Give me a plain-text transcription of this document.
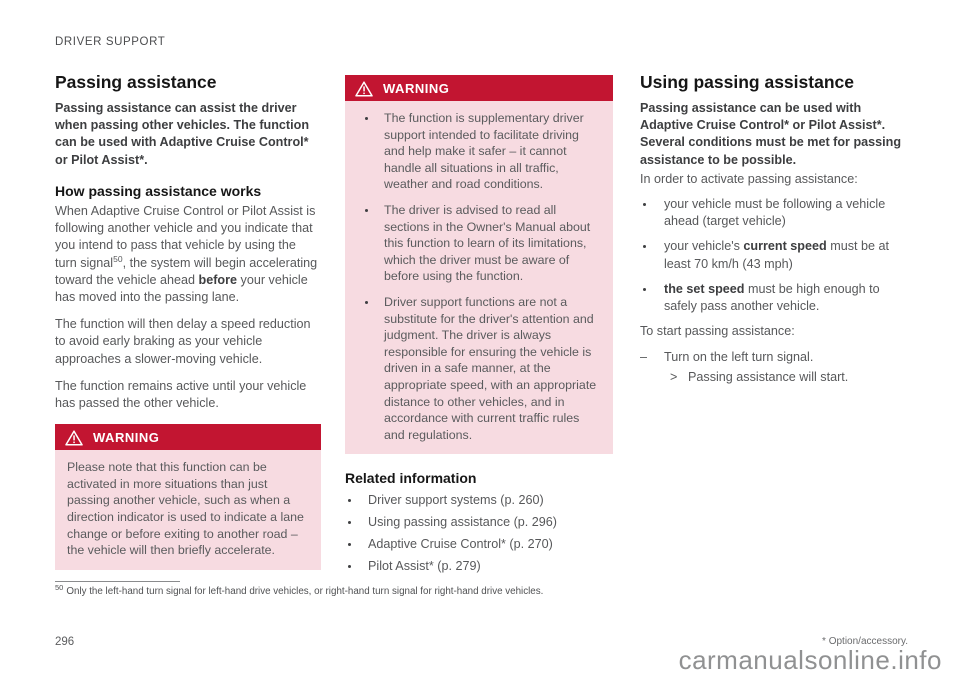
DRIVER SUPPORT
Passing assistance

Passing assistance can assist the driver when passing other vehicles. The function can be used with Adaptive Cruise Control* or Pilot Assist*.

How passing assistance works

When Adaptive Cruise Control or Pilot Assist is following another vehicle and you indicate that you intend to pass that vehicle by using the turn signal$^{50}$, the system will begin accelerating toward the vehicle ahead before your vehicle has moved into the passing lane.

The function will then delay a speed reduction to avoid early braking as your vehicle approaches a slower-moving vehicle.

The function remains active until your vehicle has passed the other vehicle.

WARNING
Please note that this function can be activated in more situations than just passing another vehicle, such as when a direction indicator is used to indicate a lane change or before exiting to another road – the vehicle will then briefly accelerate.
WARNING
• The function is supplementary driver support intended to facilitate driving and help make it safer – it cannot handle all situations in all traffic, weather and road conditions.
• The driver is advised to read all sections in the Owner's Manual about this function to learn of its limitations, which the driver must be aware of before using the function.
• Driver support functions are not a substitute for the driver's attention and judgment. The driver is always responsible for ensuring the vehicle is driven in a safe manner, at the appropriate speed, with an appropriate distance to other vehicles, and in accordance with current traffic rules and regulations.
Related information
• Driver support systems (p. 260)
• Using passing assistance (p. 296)
• Adaptive Cruise Control* (p. 270)
• Pilot Assist* (p. 279)
Using passing assistance

Passing assistance can be used with Adaptive Cruise Control* or Pilot Assist*. Several conditions must be met for passing assistance to be possible.

In order to activate passing assistance:

• your vehicle must be following a vehicle ahead (target vehicle)
• your vehicle's current speed must be at least 70 km/h (43 mph)
• the set speed must be high enough to safely pass another vehicle.

To start passing assistance:

–	Turn on the left turn signal.
> Passing assistance will start.
$^{50}$ Only the left-hand turn signal for left-hand drive vehicles, or right-hand turn signal for right-hand drive vehicles.
296	* Option/accessory.
carmanualsonline.info
